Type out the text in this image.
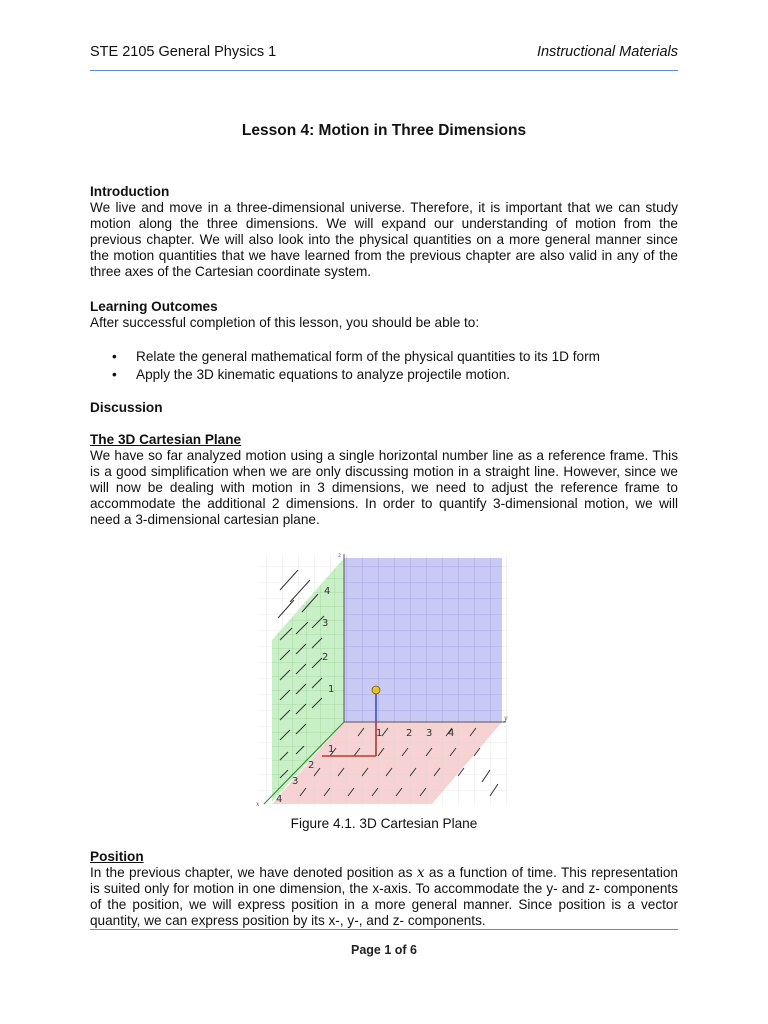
STE 2105 General Physics 1	Instructional Materials
Lesson 4: Motion in Three Dimensions
Introduction

We live and move in a three-dimensional universe. Therefore, it is important that we can study motion along the three dimensions. We will expand our understanding of motion from the previous chapter. We will also look into the physical quantities on a more general manner since the motion quantities that we have learned from the previous chapter are also valid in any of the three axes of the Cartesian coordinate system.

Learning Outcomes

After successful completion of this lesson, you should be able to:

• Relate the general mathematical form of the physical quantities to its 1D form
• Apply the 3D kinematic equations to analyze projectile motion.
Discussion
The 3D Cartesian Plane

We have so far analyzed motion using a single horizontal number line as a reference frame. This is a good simplification when we are only discussing motion in a straight line. However, since we will now be dealing with motion in 3 dimensions, we need to adjust the reference frame to accommodate the additional 2 dimensions. In order to quantify 3-dimensional motion, we will need a 3-dimensional cartesian plane.

1
2
3
4
1 2 3 4
1
2
3
4
z
y
x
Figure 4.1. 3D Cartesian Plane
Position

In the previous chapter, we have denoted position as x as a function of time. This representation is suited only for motion in one dimension, the x-axis. To accommodate the y- and z- components of the position, we will express position in a more general manner. Since position is a vector quantity, we can express position by its x-, y-, and z- components.

Page 1 of 6
